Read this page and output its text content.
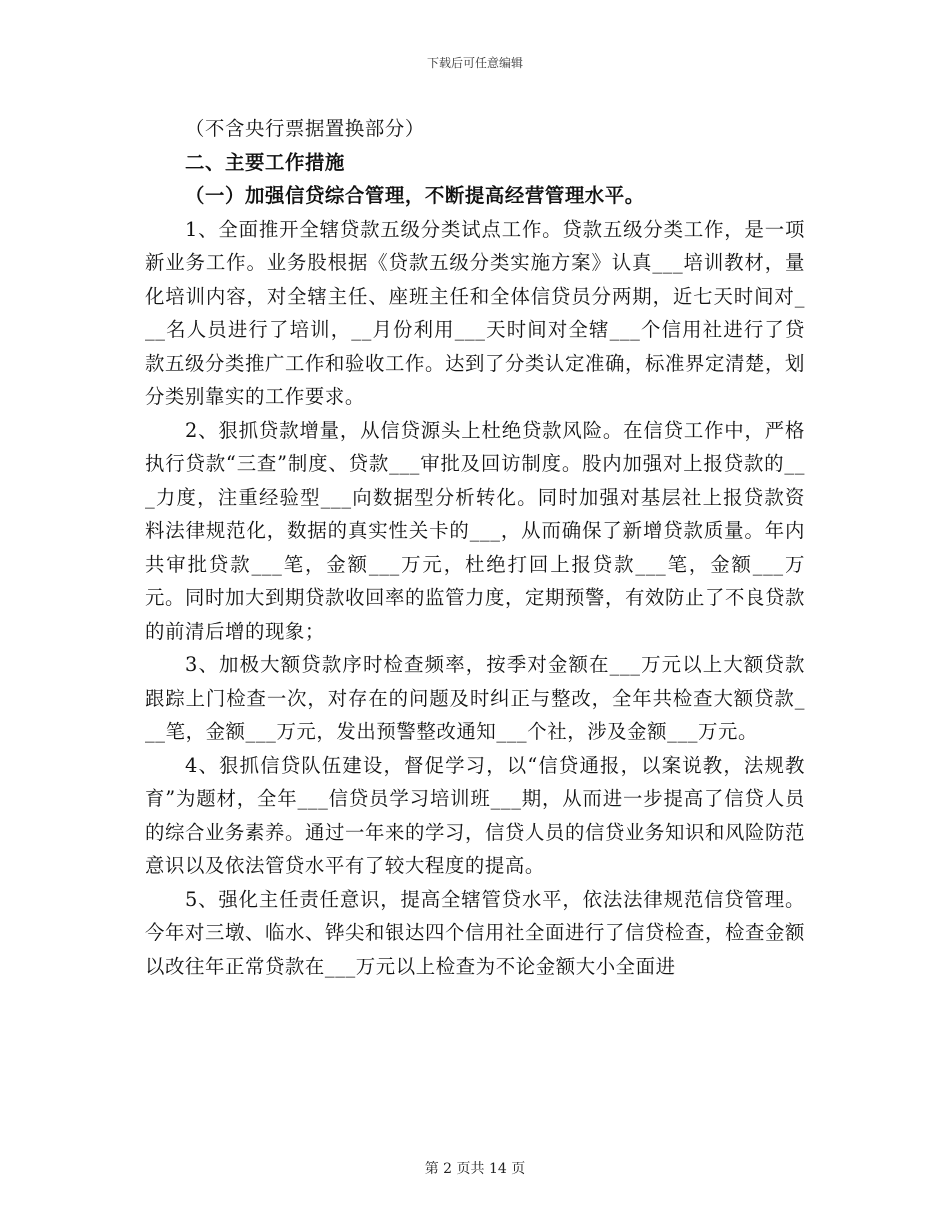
下载后可任意编辑

（不含央行票据置换部分）

二、主要工作措施

（一）加强信贷综合管理，不断提高经营管理水平。

1、全面推开全辖贷款五级分类试点工作。贷款五级分类工作，是一项新业务工作。业务股根据《贷款五级分类实施方案》认真___培训教材，量化培训内容，对全辖主任、座班主任和全体信贷员分两期，近七天时间对___名人员进行了培训，__月份利用___天时间对全辖___个信用社进行了贷款五级分类推广工作和验收工作。达到了分类认定准确，标准界定清楚，划分类别靠实的工作要求。

2、狠抓贷款增量，从信贷源头上杜绝贷款风险。在信贷工作中，严格执行贷款“三查”制度、贷款___审批及回访制度。股内加强对上报贷款的___力度，注重经验型___向数据型分析转化。同时加强对基层社上报贷款资料法律规范化，数据的真实性关卡的___，从而确保了新增贷款质量。年内共审批贷款___笔，金额___万元，杜绝打回上报贷款___笔，金额___万元。同时加大到期贷款收回率的监管力度，定期预警，有效防止了不良贷款的前清后增的现象；

3、加极大额贷款序时检查频率，按季对金额在___万元以上大额贷款跟踪上门检查一次，对存在的问题及时纠正与整改，全年共检查大额贷款___笔，金额___万元，发出预警整改通知___个社，涉及金额___万元。

4、狠抓信贷队伍建设，督促学习，以“信贷通报，以案说教，法规教育”为题材，全年___信贷员学习培训班___期，从而进一步提高了信贷人员的综合业务素养。通过一年来的学习，信贷人员的信贷业务知识和风险防范意识以及依法管贷水平有了较大程度的提高。

5、强化主任责任意识，提高全辖管贷水平，依法法律规范信贷管理。今年对三墩、临水、铧尖和银达四个信用社全面进行了信贷检查，检查金额以改往年正常贷款在___万元以上检查为不论金额大小全面进

第 2 页共 14 页
